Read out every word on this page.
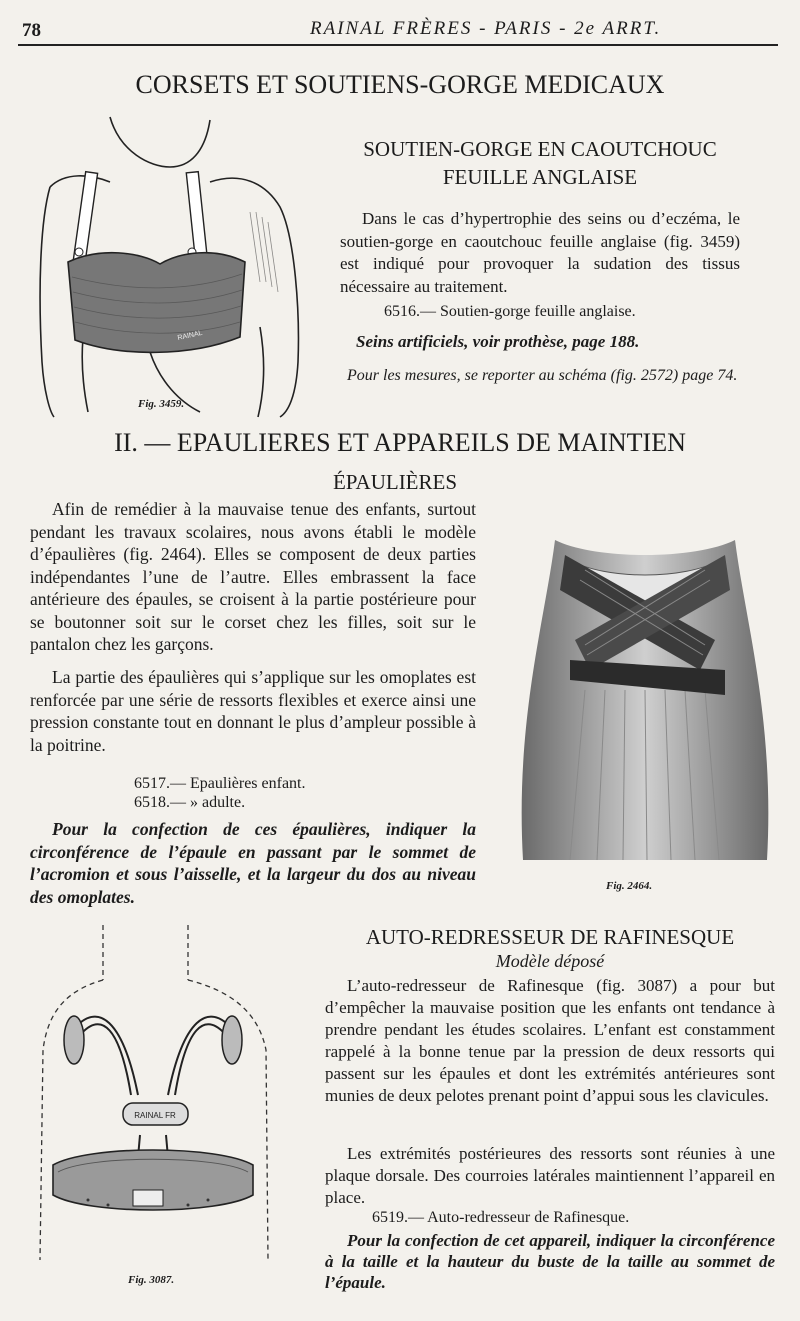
78	RAINAL FRÈRES - PARIS - 2e ARRT.
CORSETS ET SOUTIENS-GORGE MEDICAUX
RAINAL
Fig. 3459.
SOUTIEN-GORGE EN CAOUTCHOUC
FEUILLE ANGLAISE

Dans le cas d’hypertrophie des seins ou d’eczéma, le soutien-gorge en caoutchouc feuille anglaise (fig. 3459) est indiqué pour provoquer la sudation des tissus nécessaire au traitement.

6516.— Soutien-gorge feuille anglaise.
Seins artificiels, voir prothèse, page 188.

Pour les mesures, se reporter au schéma (fig. 2572) page 74.

II. — EPAULIERES ET APPAREILS DE MAINTIEN
ÉPAULIÈRES

Afin de remédier à la mauvaise tenue des enfants, surtout pendant les travaux scolaires, nous avons établi le modèle d’épaulières (fig. 2464). Elles se composent de deux parties indépendantes l’une de l’autre. Elles embrassent la face antérieure des épaules, se croisent à la partie postérieure pour se boutonner soit sur le corset chez les filles, soit sur le pantalon chez les garçons.

La partie des épaulières qui s’applique sur les omoplates est renforcée par une série de ressorts flexibles et exerce ainsi une pression constante tout en donnant le plus d’ampleur possible à la poitrine.

6517.— Epaulières enfant.
6518.— » adulte.

Pour la confection de ces épaulières, indiquer la circonférence de l’épaule en passant par le sommet de l’acromion et sous l’aisselle, et la largeur du dos au niveau des omoplates.

Fig. 2464.
AUTO-REDRESSEUR DE RAFINESQUE
Modèle déposé

L’auto-redresseur de Rafinesque (fig. 3087) a pour but d’empêcher la mauvaise position que les enfants ont tendance à prendre pendant les études scolaires. L’enfant est constamment rappelé à la bonne tenue par la pression de deux ressorts qui passent sur les épaules et dont les extrémités antérieures sont munies de deux pelotes prenant point d’appui sous les clavicules.

Les extrémités postérieures des ressorts sont réunies à une plaque dorsale. Des courroies latérales maintiennent l’appareil en place.

6519.— Auto-redresseur de Rafinesque.

Pour la confection de cet appareil, indiquer la circonférence à la taille et la hauteur du buste de la taille au sommet de l’épaule.

RAINAL FR
Fig. 3087.
